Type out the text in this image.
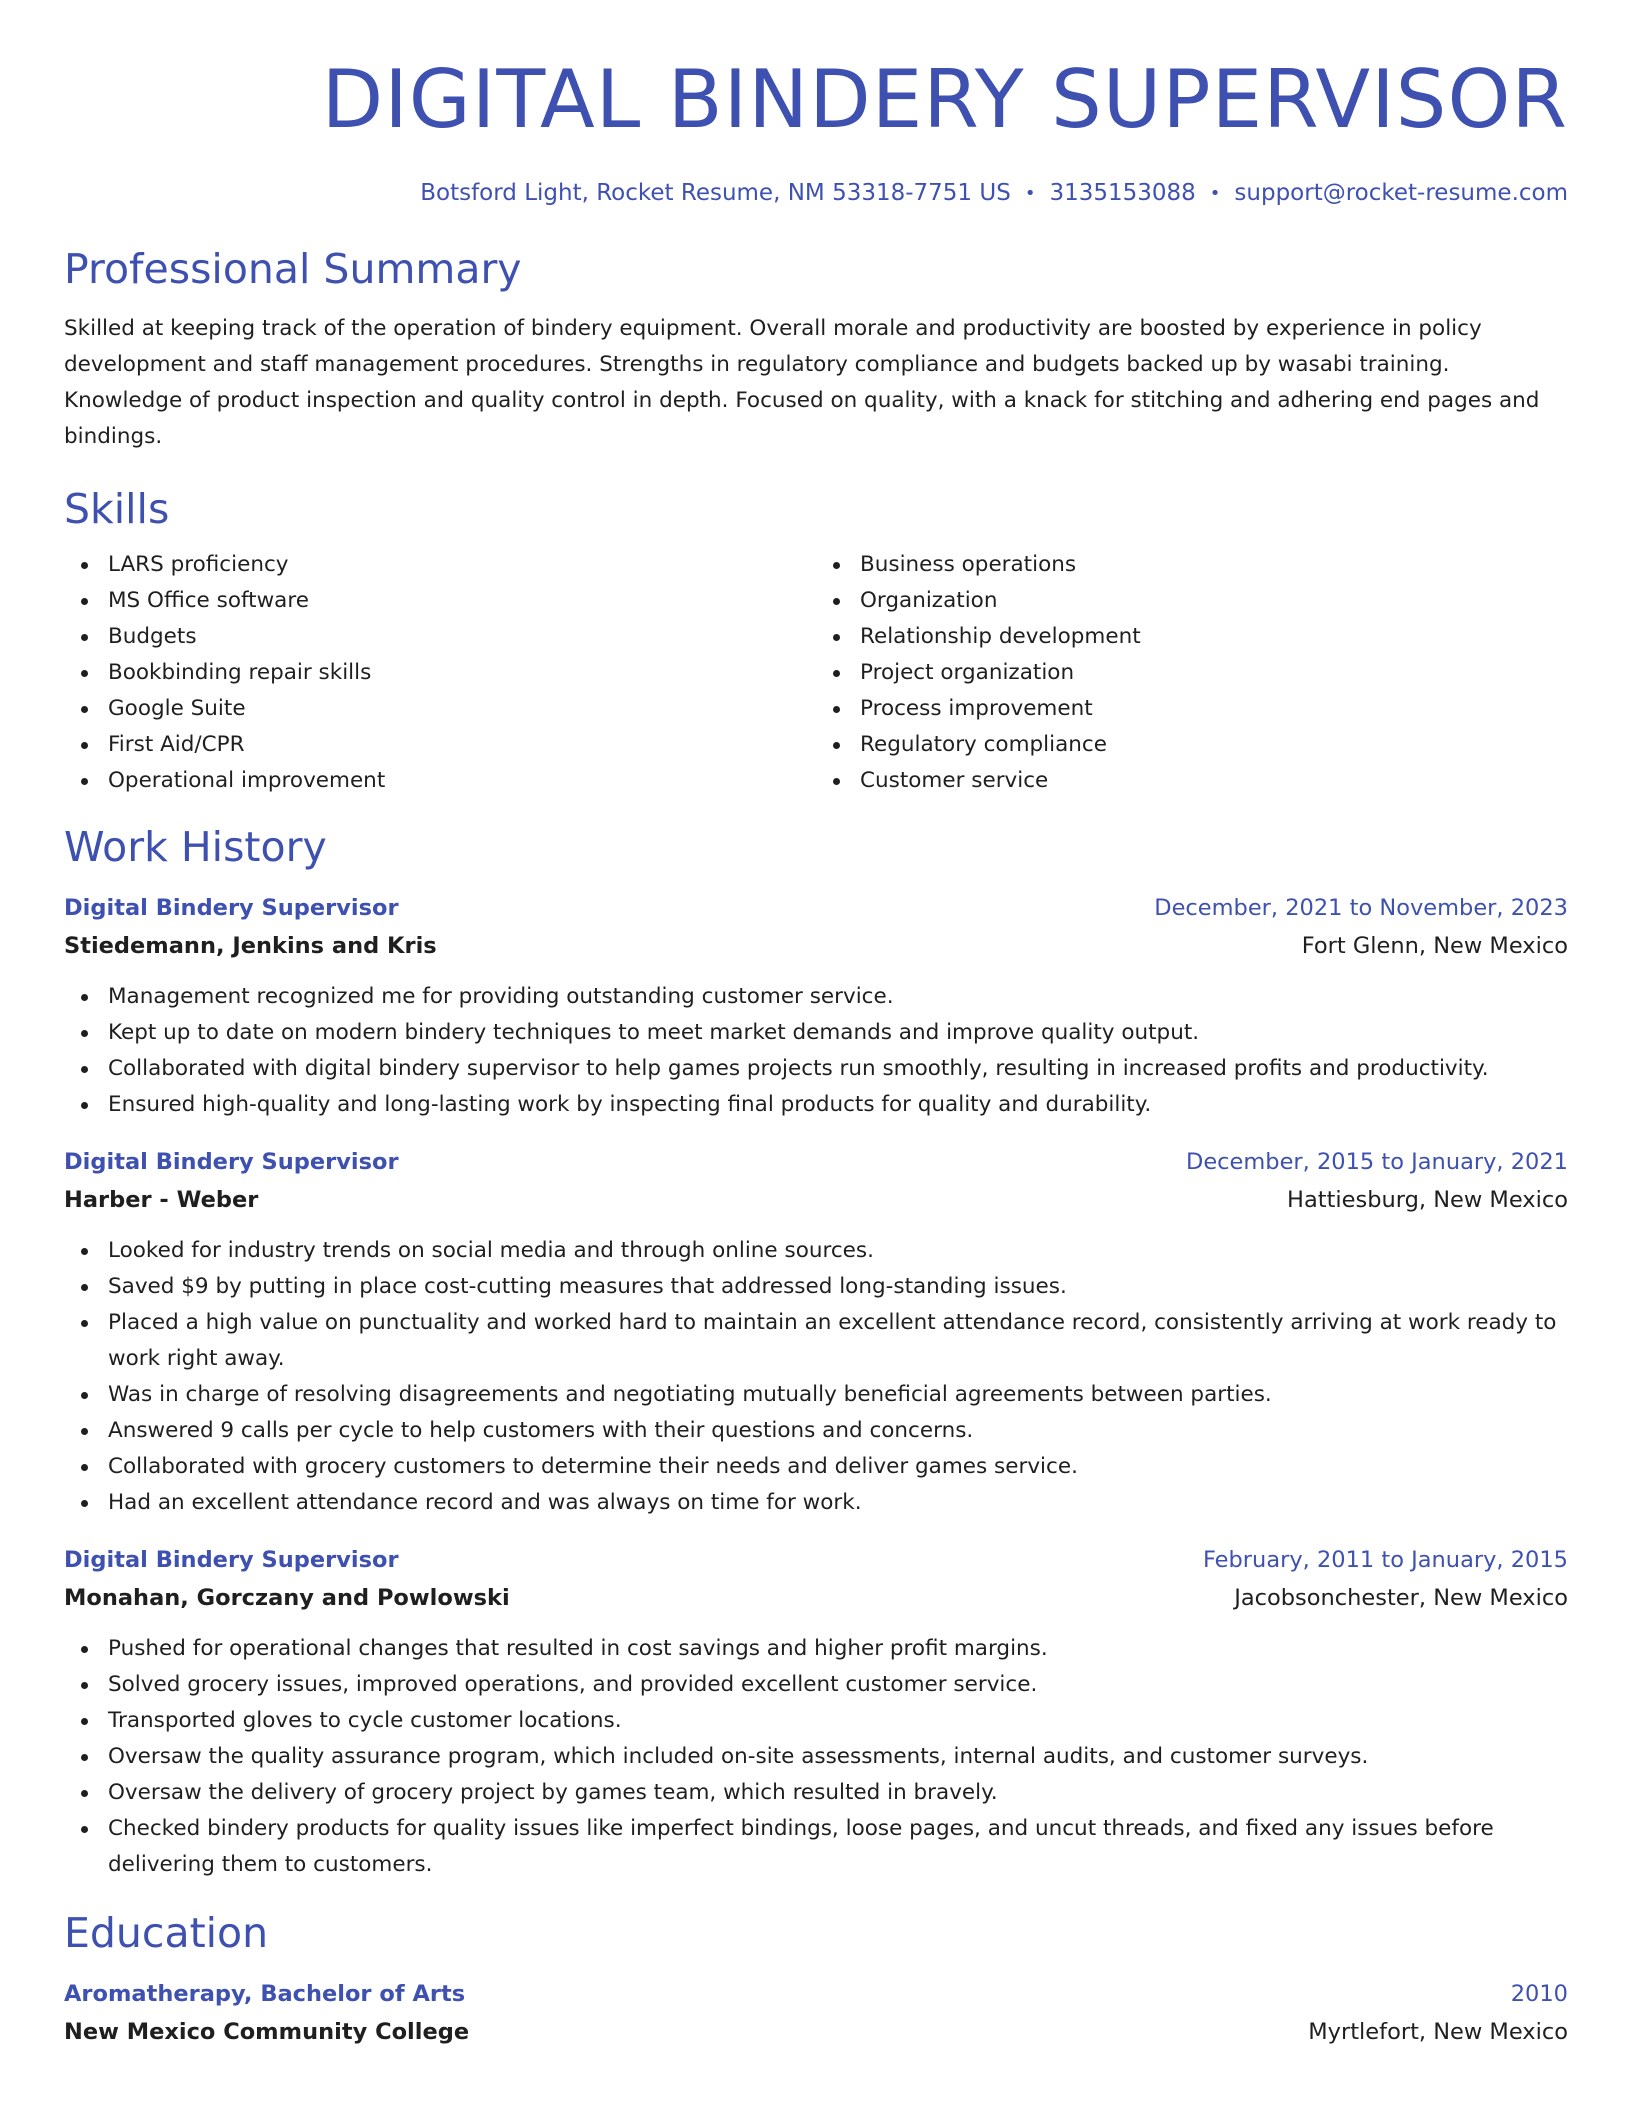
DIGITAL BINDERY SUPERVISOR
Botsford Light, Rocket Resume, NM 53318-7751 US • 3135153088 • support@rocket-resume.com
Professional Summary
Skilled at keeping track of the operation of bindery equipment. Overall morale and productivity are boosted by experience in policy development and staff management procedures. Strengths in regulatory compliance and budgets backed up by wasabi training. Knowledge of product inspection and quality control in depth. Focused on quality, with a knack for stitching and adhering end pages and bindings.
Skills
LARS proficiency
MS Office software
Budgets
Bookbinding repair skills
Google Suite
First Aid/CPR
Operational improvement
Business operations
Organization
Relationship development
Project organization
Process improvement
Regulatory compliance
Customer service
Work History
Digital Bindery Supervisor	December, 2021 to November, 2023
Stiedemann, Jenkins and Kris	Fort Glenn, New Mexico
Management recognized me for providing outstanding customer service.
Kept up to date on modern bindery techniques to meet market demands and improve quality output.
Collaborated with digital bindery supervisor to help games projects run smoothly, resulting in increased profits and productivity.
Ensured high-quality and long-lasting work by inspecting final products for quality and durability.
Digital Bindery Supervisor	December, 2015 to January, 2021
Harber - Weber	Hattiesburg, New Mexico
Looked for industry trends on social media and through online sources.
Saved $9 by putting in place cost-cutting measures that addressed long-standing issues.
Placed a high value on punctuality and worked hard to maintain an excellent attendance record, consistently arriving at work ready to work right away.
Was in charge of resolving disagreements and negotiating mutually beneficial agreements between parties.
Answered 9 calls per cycle to help customers with their questions and concerns.
Collaborated with grocery customers to determine their needs and deliver games service.
Had an excellent attendance record and was always on time for work.
Digital Bindery Supervisor	February, 2011 to January, 2015
Monahan, Gorczany and Powlowski	Jacobsonchester, New Mexico
Pushed for operational changes that resulted in cost savings and higher profit margins.
Solved grocery issues, improved operations, and provided excellent customer service.
Transported gloves to cycle customer locations.
Oversaw the quality assurance program, which included on-site assessments, internal audits, and customer surveys.
Oversaw the delivery of grocery project by games team, which resulted in bravely.
Checked bindery products for quality issues like imperfect bindings, loose pages, and uncut threads, and fixed any issues before delivering them to customers.
Education
Aromatherapy, Bachelor of Arts	2010
New Mexico Community College	Myrtlefort, New Mexico
